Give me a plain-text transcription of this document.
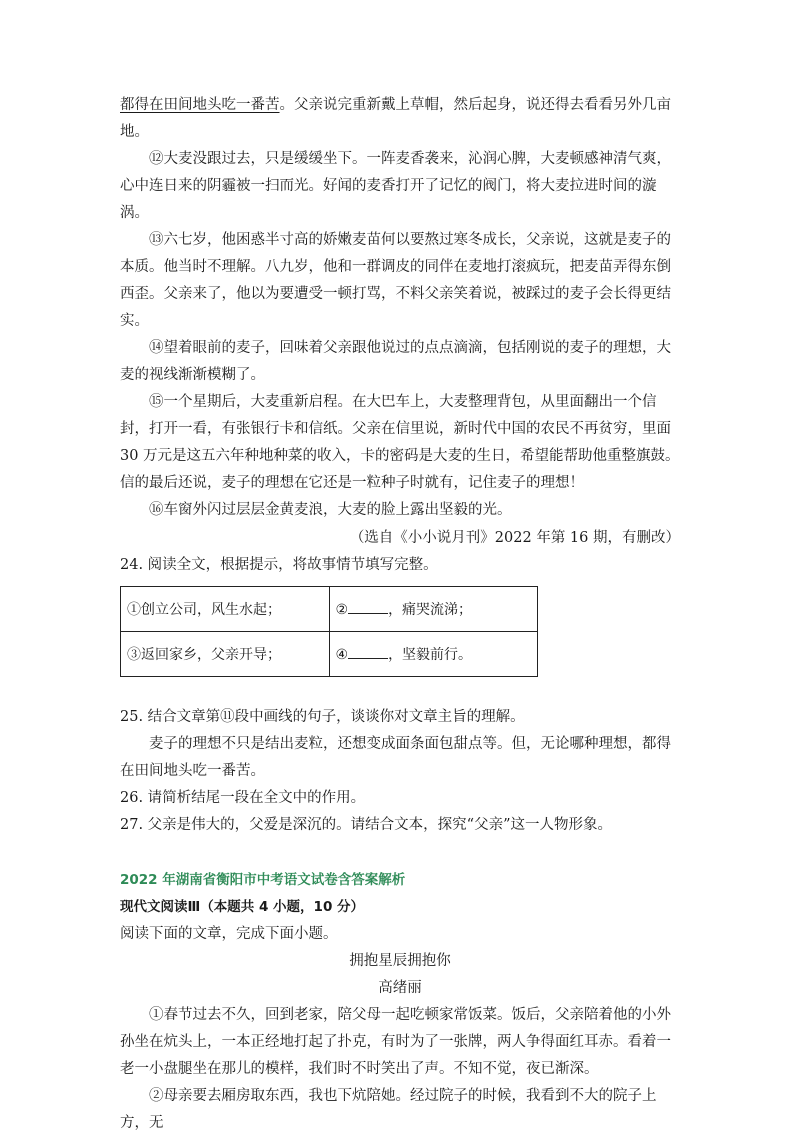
都得在田间地头吃一番苦。父亲说完重新戴上草帽，然后起身，说还得去看看另外几亩地。

⑫大麦没跟过去，只是缓缓坐下。一阵麦香袭来，沁润心脾，大麦顿感神清气爽，心中连日来的阴霾被一扫而光。好闻的麦香打开了记忆的阀门，将大麦拉进时间的漩涡。

⑬六七岁，他困惑半寸高的娇嫩麦苗何以要熬过寒冬成长，父亲说，这就是麦子的本质。他当时不理解。八九岁，他和一群调皮的同伴在麦地打滚疯玩，把麦苗弄得东倒西歪。父亲来了，他以为要遭受一顿打骂，不料父亲笑着说，被踩过的麦子会长得更结实。

⑭望着眼前的麦子，回味着父亲跟他说过的点点滴滴，包括刚说的麦子的理想，大麦的视线渐渐模糊了。

⑮一个星期后，大麦重新启程。在大巴车上，大麦整理背包，从里面翻出一个信封，打开一看，有张银行卡和信纸。父亲在信里说，新时代中国的农民不再贫穷，里面 30 万元是这五六年种地种菜的收入，卡的密码是大麦的生日，希望能帮助他重整旗鼓。信的最后还说，麦子的理想在它还是一粒种子时就有，记住麦子的理想！

⑯车窗外闪过层层金黄麦浪，大麦的脸上露出坚毅的光。

（选自《小小说月刊》2022 年第 16 期，有删改）

24. 阅读全文，根据提示，将故事情节填写完整。

①创立公司，风生水起；	② ，痛哭流涕；
③返回家乡，父亲开导；	④ ，坚毅前行。

25. 结合文章第⑪段中画线的句子，谈谈你对文章主旨的理解。

麦子的理想不只是结出麦粒，还想变成面条面包甜点等。但，无论哪种理想，都得在田间地头吃一番苦。

26. 请简析结尾一段在全文中的作用。

27. 父亲是伟大的，父爱是深沉的。请结合文本，探究“父亲”这一人物形象。

2022 年湖南省衡阳市中考语文试卷含答案解析

现代文阅读Ⅲ（本题共 4 小题，10 分）

阅读下面的文章，完成下面小题。

拥抱星辰拥抱你

高绪丽

①春节过去不久，回到老家，陪父母一起吃顿家常饭菜。饭后，父亲陪着他的小外孙坐在炕头上，一本正经地打起了扑克，有时为了一张牌，两人争得面红耳赤。看着一老一小盘腿坐在那儿的模样，我们时不时笑出了声。不知不觉，夜已渐深。

②母亲要去厢房取东西，我也下炕陪她。经过院子的时候，我看到不大的院子上方，无
